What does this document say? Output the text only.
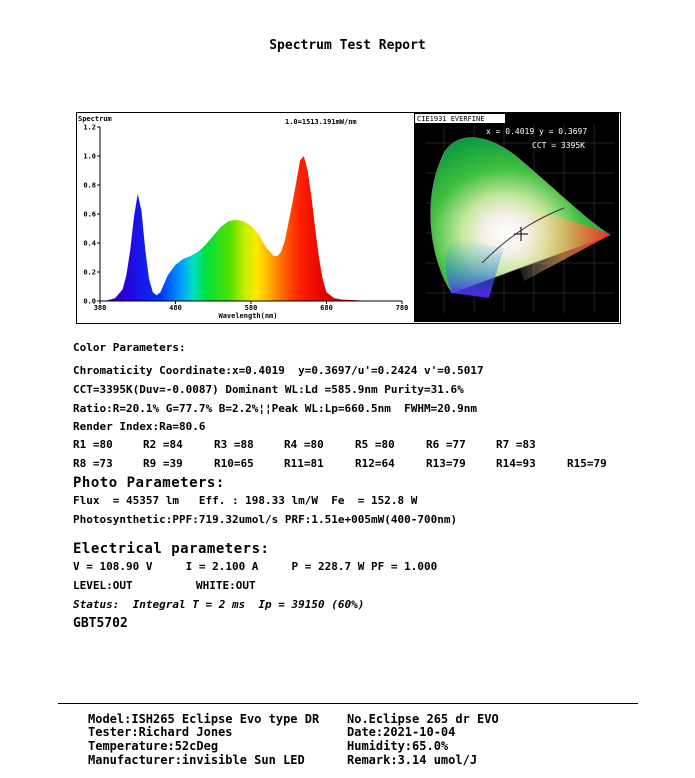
Spectrum Test Report
0.0
0.2
0.4
0.6
0.8
1.0
1.2
380	480	580	680	780
Spectrum	1.0=1513.191mW/nm
Wavelength(nm)
CIE1931 EVERFINE
x = 0.4019 y = 0.3697
CCT = 3395K
Color Parameters:
Chromaticity Coordinate:x=0.4019  y=0.3697/u'=0.2424 v'=0.5017
CCT=3395K(Duv=-0.0087) Dominant WL:Ld =585.9nm Purity=31.6%
Ratio:R=20.1% G=77.7% B=2.2%¦¦Peak WL:Lp=660.5nm  FWHM=20.9nm
Render Index:Ra=80.6
R1 =80	R2 =84	R3 =88	R4 =80	R5 =80	R6 =77	R7 =83
R8 =73	R9 =39	R10=65	R11=81	R12=64	R13=79	R14=93	R15=79
Photo Parameters:
Flux  = 45357 lm   Eff. : 198.33 lm/W  Fe  = 152.8 W
Photosynthetic:PPF:719.32umol/s PRF:1.51e+005mW(400-700nm)
Electrical parameters:
V = 108.90 V     I = 2.100 A     P = 228.7 W PF = 1.000
LEVEL:OUT	WHITE:OUT
Status:  Integral T = 2 ms  Ip = 39150 (60%)
GBT5702
Model:ISH265 Eclipse Evo type DR No.Eclipse 265 dr EVO
Tester:Richard Jones	Date:2021-10-04
Temperature:52cDeg	Humidity:65.0%
Manufacturer:invisible Sun LED	Remark:3.14 umol/J
